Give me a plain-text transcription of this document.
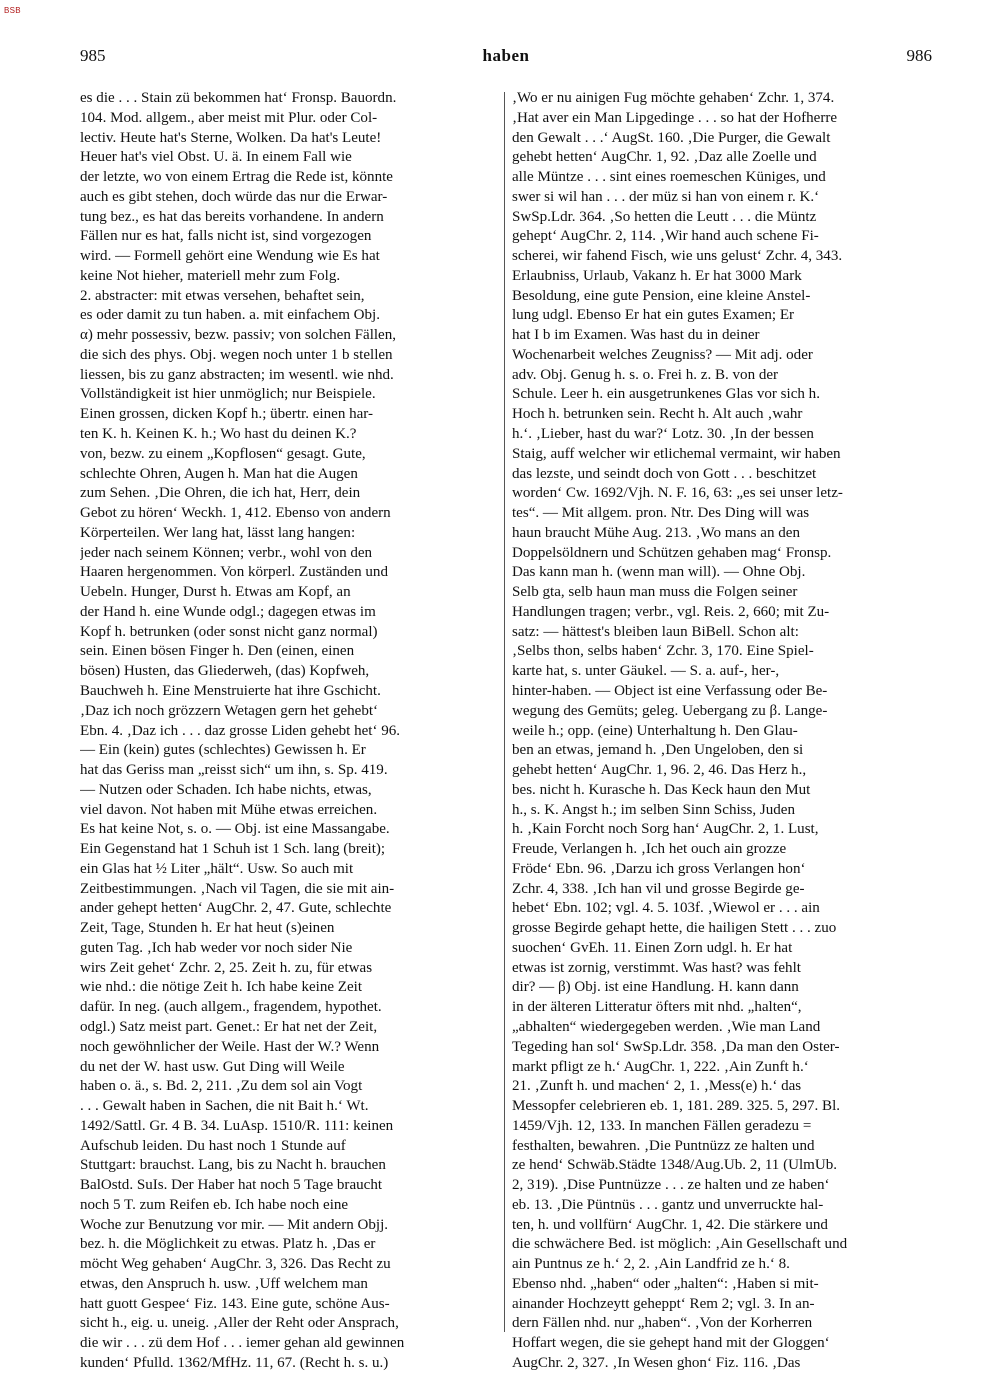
BSB
985	haben	986
es die . . . Stain zü bekommen hat‘ Fronsp. Bauordn.
104. Mod. allgem., aber meist mit Plur. oder Col-
lectiv. Heute hat's Sterne, Wolken. Da hat's Leute!
Heuer hat's viel Obst. U. ä. In einem Fall wie
der letzte, wo von einem Ertrag die Rede ist, könnte
auch es gibt stehen, doch würde das nur die Erwar-
tung bez., es hat das bereits vorhandene. In andern
Fällen nur es hat, falls nicht ist, sind vorgezogen
wird. — Formell gehört eine Wendung wie Es hat
keine Not hieher, materiell mehr zum Folg.
2. abstracter: mit etwas versehen, behaftet sein,
es oder damit zu tun haben. a. mit einfachem Obj.
α) mehr possessiv, bezw. passiv; von solchen Fällen,
die sich des phys. Obj. wegen noch unter 1 b stellen
liessen, bis zu ganz abstracten; im wesentl. wie nhd.
Vollständigkeit ist hier unmöglich; nur Beispiele.
Einen grossen, dicken Kopf h.; übertr. einen har-
ten K. h. Keinen K. h.; Wo hast du deinen K.?
von, bezw. zu einem „Kopflosen“ gesagt. Gute,
schlechte Ohren, Augen h. Man hat die Augen
zum Sehen. ‚Die Ohren, die ich hat, Herr, dein
Gebot zu hören‘ Weckh. 1, 412. Ebenso von andern
Körperteilen. Wer lang hat, lässt lang hangen:
jeder nach seinem Können; verbr., wohl von den
Haaren hergenommen. Von körperl. Zuständen und
Uebeln. Hunger, Durst h. Etwas am Kopf, an
der Hand h. eine Wunde odgl.; dagegen etwas im
Kopf h. betrunken (oder sonst nicht ganz normal)
sein. Einen bösen Finger h. Den (einen, einen
bösen) Husten, das Gliederweh, (das) Kopfweh,
Bauchweh h. Eine Menstruierte hat ihre Gschicht.
‚Daz ich noch grözzern Wetagen gern het gehebt‘
Ebn. 4. ‚Daz ich . . . daz grosse Liden gehebt het‘ 96.
— Ein (kein) gutes (schlechtes) Gewissen h. Er
hat das Geriss man „reisst sich“ um ihn, s. Sp. 419.
— Nutzen oder Schaden. Ich habe nichts, etwas,
viel davon. Not haben mit Mühe etwas erreichen.
Es hat keine Not, s. o. — Obj. ist eine Massangabe.
Ein Gegenstand hat 1 Schuh ist 1 Sch. lang (breit);
ein Glas hat ½ Liter „hält“. Usw. So auch mit
Zeitbestimmungen. ‚Nach vil Tagen, die sie mit ain-
ander gehept hetten‘ AugChr. 2, 47. Gute, schlechte
Zeit, Tage, Stunden h. Er hat heut (s)einen
guten Tag. ‚Ich hab weder vor noch sider Nie
wirs Zeit gehet‘ Zchr. 2, 25. Zeit h. zu, für etwas
wie nhd.: die nötige Zeit h. Ich habe keine Zeit
dafür. In neg. (auch allgem., fragendem, hypothet.
odgl.) Satz meist part. Genet.: Er hat net der Zeit,
noch gewöhnlicher der Weile. Hast der W.? Wenn
du net der W. hast usw. Gut Ding will Weile
haben o. ä., s. Bd. 2, 211. ‚Zu dem sol ain Vogt
. . . Gewalt haben in Sachen, die nit Bait h.‘ Wt.
1492/Sattl. Gr. 4 B. 34. LuAsp. 1510/R. 111: keinen
Aufschub leiden. Du hast noch 1 Stunde auf
Stuttgart: brauchst. Lang, bis zu Nacht h. brauchen
BalOstd. SuIs. Der Haber hat noch 5 Tage braucht
noch 5 T. zum Reifen eb. Ich habe noch eine
Woche zur Benutzung vor mir. — Mit andern Objj.
bez. h. die Möglichkeit zu etwas. Platz h. ‚Das er
möcht Weg gehaben‘ AugChr. 3, 326. Das Recht zu
etwas, den Anspruch h. usw. ‚Uff welchem man
hatt guott Gespee‘ Fiz. 143. Eine gute, schöne Aus-
sicht h., eig. u. uneig. ‚Aller der Reht oder Ansprach,
die wir . . . zü dem Hof . . . iemer gehan ald gewinnen
kunden‘ Pfulld. 1362/MfHz. 11, 67. (Recht h. s. u.)
‚Wo er nu ainigen Fug möchte gehaben‘ Zchr. 1, 374.
‚Hat aver ein Man Lipgedinge . . . so hat der Hofherre
den Gewalt . . .‘ AugSt. 160. ‚Die Purger, die Gewalt
gehebt hetten‘ AugChr. 1, 92. ‚Daz alle Zoelle und
alle Müntze . . . sint eines roemeschen Küniges, und
swer si wil han . . . der müz si han von einem r. K.‘
SwSp.Ldr. 364. ‚So hetten die Leutt . . . die Müntz
gehept‘ AugChr. 2, 114. ‚Wir hand auch schene Fi-
scherei, wir fahend Fisch, wie uns gelust‘ Zchr. 4, 343.
Erlaubniss, Urlaub, Vakanz h. Er hat 3000 Mark
Besoldung, eine gute Pension, eine kleine Anstel-
lung udgl. Ebenso Er hat ein gutes Examen; Er
hat I b im Examen. Was hast du in deiner
Wochenarbeit welches Zeugniss? — Mit adj. oder
adv. Obj. Genug h. s. o. Frei h. z. B. von der
Schule. Leer h. ein ausgetrunkenes Glas vor sich h.
Hoch h. betrunken sein. Recht h. Alt auch ‚wahr
h.‘. ‚Lieber, hast du war?‘ Lotz. 30. ‚In der bessen
Staig, auff welcher wir etlichemal vermaint, wir haben
das lezste, und seindt doch von Gott . . . beschitzet
worden‘ Cw. 1692/Vjh. N. F. 16, 63: „es sei unser letz-
tes“. — Mit allgem. pron. Ntr. Des Ding will was
haun braucht Mühe Aug. 213. ‚Wo mans an den
Doppelsöldnern und Schützen gehaben mag‘ Fronsp.
Das kann man h. (wenn man will). — Ohne Obj.
Selb gta, selb haun man muss die Folgen seiner
Handlungen tragen; verbr., vgl. Reis. 2, 660; mit Zu-
satz: — hättest's bleiben laun BiBell. Schon alt:
‚Selbs thon, selbs haben‘ Zchr. 3, 170. Eine Spiel-
karte hat, s. unter Gäukel. — S. a. auf-, her-,
hinter-haben. — Object ist eine Verfassung oder Be-
wegung des Gemüts; geleg. Uebergang zu β. Lange-
weile h.; opp. (eine) Unterhaltung h. Den Glau-
ben an etwas, jemand h. ‚Den Ungeloben, den si
gehebt hetten‘ AugChr. 1, 96. 2, 46. Das Herz h.,
bes. nicht h. Kurasche h. Das Keck haun den Mut
h., s. K. Angst h.; im selben Sinn Schiss, Juden
h. ‚Kain Forcht noch Sorg han‘ AugChr. 2, 1. Lust,
Freude, Verlangen h. ‚Ich het ouch ain grozze
Fröde‘ Ebn. 96. ‚Darzu ich gross Verlangen hon‘
Zchr. 4, 338. ‚Ich han vil und grosse Begirde ge-
hebet‘ Ebn. 102; vgl. 4. 5. 103f. ‚Wiewol er . . . ain
grosse Begirde gehapt hette, die hailigen Stett . . . zuo
suochen‘ GvEh. 11. Einen Zorn udgl. h. Er hat
etwas ist zornig, verstimmt. Was hast? was fehlt
dir? — β) Obj. ist eine Handlung. H. kann dann
in der älteren Litteratur öfters mit nhd. „halten“,
„abhalten“ wiedergegeben werden. ‚Wie man Land
Tegeding han sol‘ SwSp.Ldr. 358. ‚Da man den Oster-
markt pfligt ze h.‘ AugChr. 1, 222. ‚Ain Zunft h.‘
21. ‚Zunft h. und machen‘ 2, 1. ‚Mess(e) h.‘ das
Messopfer celebrieren eb. 1, 181. 289. 325. 5, 297. Bl.
1459/Vjh. 12, 133. In manchen Fällen geradezu =
festhalten, bewahren. ‚Die Puntnüzz ze halten und
ze hend‘ Schwäb.Städte 1348/Aug.Ub. 2, 11 (UlmUb.
2, 319). ‚Dise Puntnüzze . . . ze halten und ze haben‘
eb. 13. ‚Die Püntnüs . . . gantz und unverruckte hal-
ten, h. und vollfürn‘ AugChr. 1, 42. Die stärkere und
die schwächere Bed. ist möglich: ‚Ain Gesellschaft und
ain Puntnus ze h.‘ 2, 2. ‚Ain Landfrid ze h.‘ 8.
Ebenso nhd. „haben“ oder „halten“: ‚Haben si mit-
ainander Hochzeytt geheppt‘ Rem 2; vgl. 3. In an-
dern Fällen nhd. nur „haben“. ‚Von der Korherren
Hoffart wegen, die sie gehept hand mit der Gloggen‘
AugChr. 2, 327. ‚In Wesen ghon‘ Fiz. 116. ‚Das
